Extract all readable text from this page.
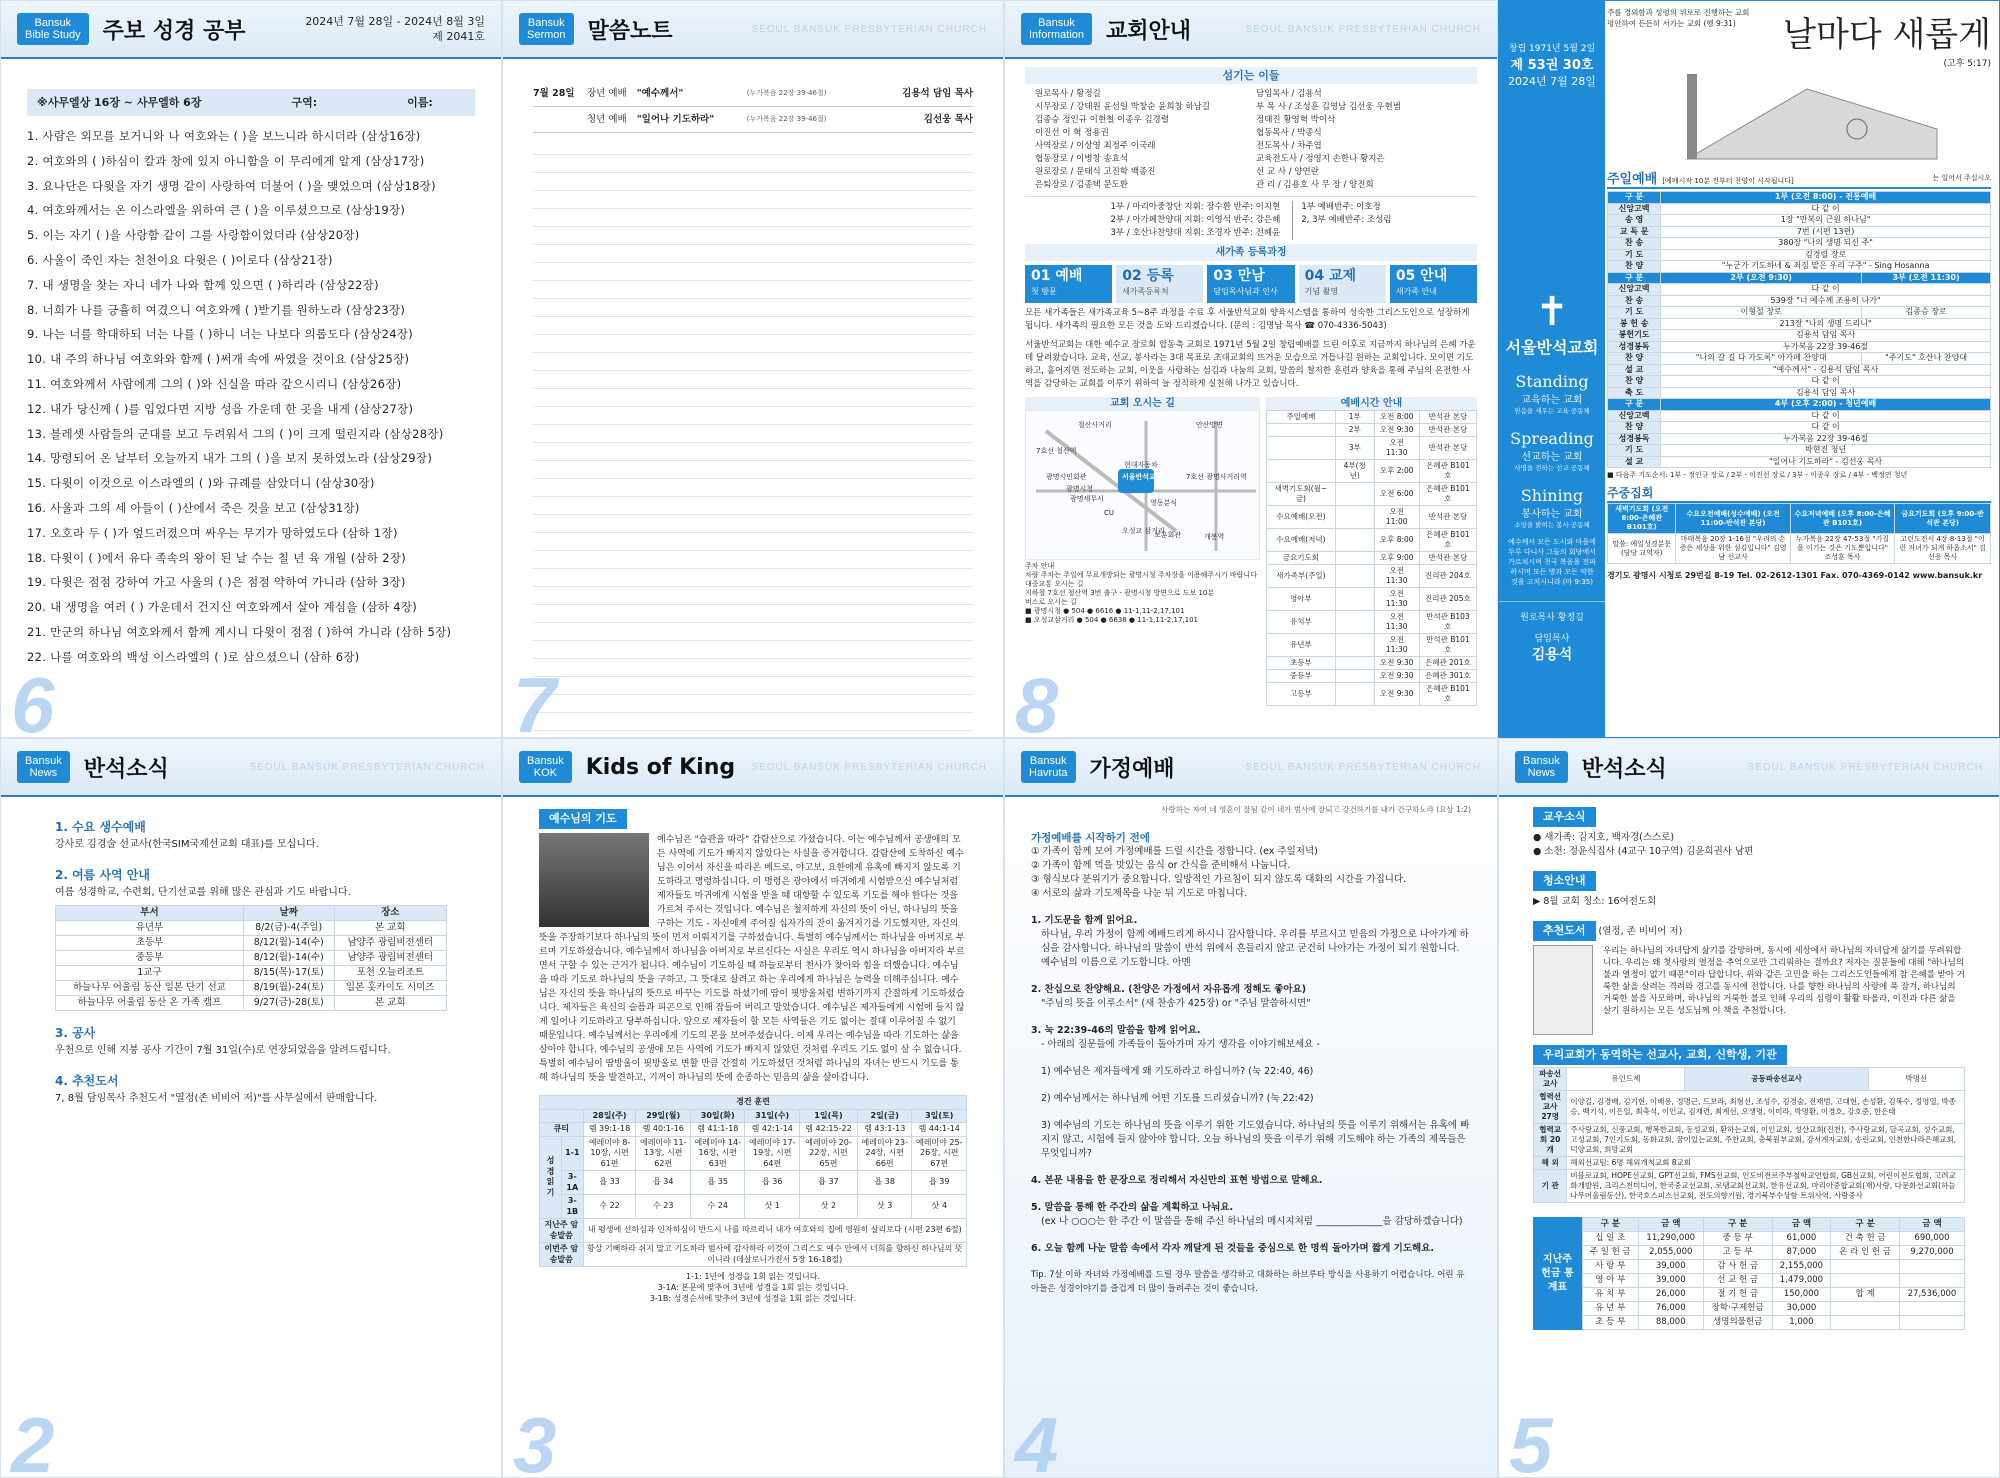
Bansuk
Bible Study 주보 성경 공부	2024년 7월 28일 - 2024년 8월 3일
제 2041호
※사무엘상 16장 ~ 사무엘하 6장	구역:	이름:
1. 사람은 외모를 보거니와 나 여호와는 ( )을 보느니라 하시더라 (삼상16장)
2. 여호와의 ( )하심이 칼과 창에 있지 아니함을 이 무리에게 알게 (삼상17장)
3. 요나단은 다윗을 자기 생명 같이 사랑하여 더불어 ( )을 맺었으며 (삼상18장)
4. 여호와께서는 온 이스라엘을 위하여 큰 ( )을 이루셨으므로 (삼상19장)
5. 이는 자기 ( )을 사랑함 같이 그를 사랑함이었더라 (삼상20장)
6. 사울이 죽인 자는 천천이요 다윗은 ( )이로다 (삼상21장)
7. 내 생명을 찾는 자니 네가 나와 함께 있으면 ( )하리라 (삼상22장)
8. 너희가 나를 긍휼히 여겼으니 여호와께 ( )받기를 원하노라 (삼상23장)
9. 나는 너를 학대하되 너는 나를 ( )하니 너는 나보다 의롭도다 (삼상24장)
10. 내 주의 하나님 여호와와 함께 ( )써개 속에 싸였을 것이요 (삼상25장)
11. 여호와께서 사람에게 그의 ( )와 신실을 따라 갚으시리니 (삼상26장)
12. 내가 당신께 ( )를 입었다면 지방 성읍 가운데 한 곳을 내게 (삼상27장)
13. 블레셋 사람들의 군대를 보고 두려워서 그의 ( )이 크게 떨린지라 (삼상28장)
14. 망령되어 온 날부터 오늘까지 내가 그의 ( )을 보지 못하였노라 (삼상29장)
15. 다윗이 이것으로 이스라엘의 ( )와 규례를 삼았더니 (삼상30장)
16. 사울과 그의 세 아들이 ( )산에서 죽은 것을 보고 (삼상31장)
17. 오호라 두 ( )가 엎드러졌으며 싸우는 무기가 망하였도다 (삼하 1장)
18. 다윗이 ( )에서 유다 족속의 왕이 된 날 수는 칠 년 육 개월 (삼하 2장)
19. 다윗은 점점 강하여 가고 사울의 ( )은 점점 약하여 가니라 (삼하 3장)
20. 내 생명을 여러 ( ) 가운데서 건지신 여호와께서 살아 계심을 (삼하 4장)
21. 만군의 하나님 여호와께서 함께 계시니 다윗이 점점 ( )하여 가니라 (삼하 5장)
22. 나를 여호와의 백성 이스라엘의 ( )로 삼으셨으니 (삼하 6장)
6
Bansuk
Sermon 말씀노트	SEOUL BANSUK PRESBYTERIAN CHURCH
7월 28일 장년 예배 "예수께서"	(누가복음 22장 39-46절)	김용석 담임 목사
청년 예배 "일어나 기도하라"	(누가복음 22장 39-46절)	김선웅 목사
7
Bansuk
Information 교회안내	SEOUL BANSUK PRESBYTERIAN CHURCH
섬기는 이들
원로목사 / 황정길
시무장로 / 강태원 윤선일 박창순 윤희창 하남길
김종승 정인규 이현철 이종우 김경렬
이진선 이 혁 정용권
사역장로 / 이상영 최정주 이국래
협동장로 / 이병창 송효석
원로장로 / 문태식 고진학 백종진
은퇴장로 / 김종택 문도환
담임목사 / 김용석
부 목 사 / 조성훈 김영남 김선웅 우현범
정태진 황영혁 박이삭
협동목사 / 박종식
전도목사 / 차주엽
교육전도사 / 정영지 손한나 황지은
선 교 사 / 양연란
관 리 / 김용호 사 무 장 / 양진희
1부 / 마리아중창단 지휘: 장수환 반주: 이지현
2부 / 아가페찬양대 지휘: 이영석 반주: 강은혜
3부 / 호산나찬양대 지휘: 조경자 반주: 전혜윤
1부 예배반주: 이호정
2, 3부 예배반주: 조성림
새가족 등록과정
01 예배
첫 방문
02 등록
새가족등록처
03 만남
담임목사님과 인사
04 교제
기념 촬영
05 안내
새가족 안내
모든 새가족들은 새가족교육 5~8주 과정을 수료 후 서울반석교회 양육시스템을 통하여 성숙한 그리스도인으로 성장하게 됩니다. 새가족의 필요한 모든 것을 도와 드리겠습니다. (문의 : 김명남 목사 ☎ 070-4336-5043)
서울반석교회는 대한 예수교 장로회 합동측 교회로 1971년 5월 2일 창립예배를 드린 이후로 지금까지 하나님의 은혜 가운데 달려왔습니다. 교육, 선교, 봉사라는 3대 목표로 초대교회의 뜨거운 모습으로 거듭나길 원하는 교회입니다. 모이면 기도하고, 흩어지면 전도하는 교회, 이웃을 사랑하는 섬김과 나눔의 교회, 말씀의 철저한 훈련과 양육을 통해 주님의 온전한 사역을 감당하는 교회를 이루기 위하여 늘 정직하게 실천해 나가고 있습니다.
교회 오시는 길
안산방면
철산사거리
7호선 철산역
광명시민회관
광명시청
광명세무서
현대자동차
서울반석교회	7호선 광명사거리역
CU
영동분식
오성교 삼거리
개봉역
보훈회관
주차 안내
차량 주차는 주일에 무료개방되는 광명시청 주차장을 이용해주시기 바랍니다
대중교통 오시는 길
지하철 7호선 철산역 3번 출구 - 광명시청 방면으로 도보 10분
버스로 오시는 길
■ 광명시청 ● 504 ● 6616 ● 11-1,11-2,17,101
■ 오성교삼거리 ● 504 ● 6638 ● 11-1,11-2,17,101
예배시간 안내
주일예배	1부	오전 8:00	반석관 본당
	2부	오전 9:30	반석관 본당
	3부	오전 11:30	반석관 본당
	4부(청년)	오후 2:00	은혜관 B101호
새벽기도회(월~금)		오전 6:00	은혜관 B101호
수요예배(오전)		오전 11:00	반석관 본당
수요예배(저녁)		오후 8:00	은혜관 B101호
금요기도회		오후 9:00	반석관 본당
새가족부(주일)		오전 11:30	진리관 204호
영아부		오전 11:30	진리관 205호
유치부		오전 11:30	반석관 B103호
유년부		오전 11:30	반석관 B101호
초등부		오전 9:30	은혜관 201호
중등부		오전 9:30	은혜관 301호
고등부		오전 9:30	은혜관 B101호
8
창립 1971년 5월 2일
제 53권 30호
2024년 7월 28일
✝
서울반석교회
Standing
교육하는 교회
믿음을 세우는 교육 공동체
Spreading
선교하는 교회
사명을 전하는 선교 공동체
Shining
봉사하는 교회
소망을 밝히는 봉사 공동체
예수께서 모든 도시와 마을에 두루 다니사 그들의 회당에서 가르치시며 천국 복음을 전파하시며 모든 병과 모든 약한 것을 고치시니라 (마 9:35)
원로목사 황정길
담임목사
김용석
주를 경외함과 성령의 위로로 진행하는 교회 평안하여 든든히 서가는 교회 (행 9:31)	날마다 새롭게
(고후 5:17)
주일예배 [예배시작 10분 전부터 찬양이 시작됩니다]	는 일어서 주십시오
구 분	1부 (오전 8:00) - 전통예배	
신앙고백	다 같 이	
송 영	1장 "만복의 근원 하나님"	
교 독 문	7번 (시편 13편)	
찬 송	380장 "나의 생명 되신 주"	
기 도	김경렬 장로	
찬 양	"누군가 기도하네 & 죄짐 맡은 우리 구주" - Sing Hosanna	
구 분	2부 (오전 9:30)	3부 (오전 11:30)
신앙고백	다 같 이	
찬 송	539장 "너 예수께 조용히 나가"	
기 도	이형철 장로	김종승 장로
봉 헌 송	213장 "나의 생명 드리니"	
봉헌기도	김용석 담임 목사	
성경봉독	누가복음 22장 39-46절	
찬 양	"나의 갈 길 다 가도록" 아가페 찬양대	"주기도" 호산나 찬양대
설 교	"예수께서" - 김용석 담임 목사	
찬 양	다 같 이	
축 도	김용석 담임 목사	
구 분	4부 (오후 2:00) - 청년예배	
신앙고백	다 같 이	
찬 양	다 같 이	
성경봉독	누가복음 22장 39-46절	
기 도	박현진 청년	
설 교	"일어나 기도하라" - 김선웅 목사	
■ 다음주 기도순서: 1부 - 정인규 장로 / 2부 - 이진선 장로 / 3부 - 이종우 장로 / 4부 - 백정연 청년
주중집회
새벽기도회 (오전 6:00-은혜관 B101호)	수요오전예배(성수예배) (오전 11:00-반석관 본당)	수요저녁예배 (오후 8:00-은혜관 B101호)	금요기도회 (오후 9:00-반석관 본당)
말씀: 예일성경분문 (담당 교역자)	마태복음 20장 1-16절 "우리의 손증은 세상을 위한 섬김입니다" 김영남 선교사	누가복음 22장 47-53절 "기질을 이기는 것은 기도뿐입니다" 조성훈 목사	고린도전서 4장 8-13절 "이런 자녀가 되게 하옵소서" 김선웅 목사
경기도 광명시 시청로 29번길 8-19 Tel. 02-2612-1301 Fax. 070-4369-0142 www.bansuk.kr
Bansuk
News 반석소식	SEOUL BANSUK PRESBYTERIAN CHURCH
1. 수요 생수예배
강사로 김경술 선교사(한국SIM국제선교회 대표)를 모십니다.
2. 여름 사역 안내
여름 성경학교, 수련회, 단기선교를 위해 많은 관심과 기도 바랍니다.
부서	날짜	장소
유년부	8/2(금)-4(주일)	본 교회
초등부	8/12(월)-14(수)	남양주 광림비전센터
중등부	8/12(월)-14(수)	남양주 광림비전센터
1교구	8/15(목)-17(토)	포천 오늘리조트
하늘나무 어울림 동산 일본 단기 선교	8/19(월)-24(토)	일본 홋카이도 시미즈
하늘나무 어울림 동산 온 가족 캠프	9/27(금)-28(토)	본 교회
3. 공사
우천으로 인해 지붕 공사 기간이 7월 31일(수)로 연장되었음을 알려드립니다.
4. 추천도서
7, 8월 담임목사 추천도서 "열정(존 비비어 저)"를 사무실에서 판매합니다.
2
Bansuk
KOK	Kids of King SEOUL BANSUK PRESBYTERIAN CHURCH
예수님의 기도
예수님은 "습관을 따라" 감람산으로 가셨습니다. 이는 예수님께서 공생애의 모든 사역에 기도가 빠지지 않았다는 사실을 증거합니다. 감람산에 도착하신 예수님은 이어서 자신을 따라온 베드로, 야고보, 요한에게 유혹에 빠지지 않도록 기도하라고 명령하십니다. 이 명령은 광야에서 마귀에게 시험받으신 예수님처럼 제자들도 마귀에게 시험을 받을 때 대항할 수 있도록 기도를 해야 한다는 것을 가르쳐 주시는 것입니다. 예수님은 철저하게 자신의 뜻이 아닌, 하나님의 뜻을 구하는 기도 - 자신에게 주어질 십자가의 잔이 옮겨지기를 기도했지만, 자신의 뜻을 주장하기보다 하나님의 뜻이 먼저 이뤄지기를 구하셨습니다. 특별히 예수님께서는 하나님을 아버지로 부르며 기도하셨습니다. 예수님께서 하나님을 아버지로 부르신다는 사실은 우리도 역시 하나님을 아버지라 부르면서 구할 수 있는 근거가 됩니다. 예수님이 기도하실 때 하늘로부터 천사가 찾아와 힘을 더했습니다. 예수님을 따라 기도로 하나님의 뜻을 구하고, 그 뜻대로 살려고 하는 우리에게 하나님은 능력을 더해주십니다. 예수님은 자신의 뜻을 하나님의 뜻으로 바꾸는 기도를 하셨기에 땀이 핏방울처럼 변하기까지 간절하게 기도하셨습니다. 제자들은 육신의 슬픔과 피곤으로 인해 잠들어 버리고 말았습니다. 예수님은 제자들에게 시험에 들지 않게 일어나 기도하라고 당부하십니다. 앞으로 제자들이 할 모든 사역들은 기도 없이는 절대 이루어질 수 없기 때문입니다. 예수님께서는 우리에게 기도의 본을 보여주셨습니다. 이제 우리는 예수님을 따라 기도하는 삶을 살아야 합니다. 예수님의 공생애 모든 사역에 기도가 빠지지 않았던 것처럼 우리도 기도 없이 살 수 없습니다. 특별히 예수님이 땀방울이 핏방울로 변할 만큼 간절히 기도하셨던 것처럼 하나님의 자녀는 반드시 기도를 통해 하나님의 뜻을 발견하고, 기꺼이 하나님의 뜻에 순종하는 믿음의 삶을 살아갑니다.
경건 훈련								
		28일(주)	29일(월)	30일(화)	31일(수)	1일(목)	2일(금)	3일(토)
큐티		렘 39:1-18	렘 40:1-16	렘 41:1-18	렘 42:1-14	렘 42:15-22	렘 43:1-13	렘 44:1-14
성경읽기	1-1	예레미야 8-10장, 시편 61편	예레미야 11-13장, 시편 62편	예레미야 14-16장, 시편 63편	예레미야 17-19장, 시편 64편	예레미야 20-22장, 시편 65편	예레미야 23-24장, 시편 66편	예레미야 25-26장, 시편 67편
	3-1A	욥 33	욥 34	욥 35	욥 36	욥 37	욥 38	욥 39
	3-1B	수 22	수 23	수 24	삿 1	삿 2	삿 3	삿 4
지난주 암송말씀		내 평생에 선하심과 인자하심이 반드시 나를 따르리니 내가 여호와의 집에 영원히 살리로다 (시편 23편 6절)						
이번주 암송말씀		항상 기뻐하라 쉬지 말고 기도하라 범사에 감사하라 이것이 그리스도 예수 안에서 너희를 향하신 하나님의 뜻이니라 (데살로니가전서 5장 16-18절)						
1-1: 1년에 성경을 1회 읽는 것입니다.
3-1A: 본문에 맞추어 3년에 성경을 1회 읽는 것입니다.
3-1B: 성경순서에 맞추어 3년에 성경을 1회 읽는 것입니다.
3
Bansuk
Havruta 가정예배	SEOUL BANSUK PRESBYTERIAN CHURCH
사랑하는 자여 네 영혼이 잘됨 같이 네가 범사에 잘되고 강건하기를 내가 간구하노라 (요삼 1:2)
가정예배를 시작하기 전에
① 가족이 함께 모여 가정예배를 드릴 시간을 정합니다. (ex 주일저녁)
② 가족이 함께 먹을 맛있는 음식 or 간식을 준비해서 나눕니다.
③ 형식보다 분위기가 중요합니다. 일방적인 가르침이 되지 않도록 대화의 시간을 가집니다.
④ 서로의 삶과 기도제목을 나눈 뒤 기도로 마칩니다.
1. 기도문을 함께 읽어요.
하나님, 우리 가정이 함께 예배드리게 하시니 감사합니다. 우리를 부르시고 믿음의 가정으로 나아가게 하심을 감사합니다. 하나님의 말씀이 반석 위에서 흔들리지 않고 굳건히 나아가는 가정이 되기 원합니다. 예수님의 이름으로 기도합니다. 아멘
2. 찬십으로 찬양해요. (찬양은 가정에서 자유롭게 정해도 좋아요)
"주님의 뜻을 이루소서" (새 찬송가 425장) or "주님 말씀하시면"
3. 눅 22:39-46의 말씀을 함께 읽어요.
- 아래의 질문들에 가족들이 돌아가며 자기 생각을 이야기해보세요 -
1) 예수님은 제자들에게 왜 기도하라고 하십니까? (눅 22:40, 46)
2) 예수님께서는 하나님께 어떤 기도를 드리셨습니까? (눅 22:42)
3) 예수님의 기도는 하나님의 뜻을 이루기 위한 기도였습니다. 하나님의 뜻을 이루기 위해서는 유혹에 빠지지 않고, 시험에 들지 않아야 합니다. 오늘 하나님의 뜻을 이루기 위해 기도해야 하는 가족의 제목들은 무엇입니까?
4. 본문 내용을 한 문장으로 정리해서 자신만의 표현 방법으로 말해요.
5. 말씀을 통해 한 주간의 삶을 계획하고 나눠요.
(ex 나 ○○○는 한 주간 이 말씀을 통해 주신 하나님의 메시지처럼 ______________을 감당하겠습니다)
6. 오늘 함께 나눈 말씀 속에서 각자 깨달게 된 것들을 중심으로 한 명씩 돌아가며 짧게 기도해요.
Tip. 7살 이하 자녀와 가정예배를 드릴 경우 말씀을 생각하고 대화하는 하브루타 방식을 사용하기 어렵습니다. 어린 유아들은 성경이야기를 즐겁게 더 많이 들려주는 것이 좋습니다.
4
Bansuk
News 반석소식	SEOUL BANSUK PRESBYTERIAN CHURCH
교우소식
● 새가족: 김지호, 백자경(스스로)
● 소천: 정윤식집사 (4교구 10구역) 김윤희권사 남편
청소안내
▶ 8월 교회 청소: 16여전도회
추천도서 (열정, 존 비비어 저)
우리는 하나님의 자녀답게 삶기를 갈망하며, 동시에 세상에서 하나님의 자녀답게 삶기를 두려워합니다. 우리는 왜 첫사랑의 열정을 추억으로만 그리워하는 걸까요? 저자는 질문들에 대해 "하나님의 불과 열정이 없기 때문"이라 답합니다. 위와 같은 고민을 하는 그리스도인들에게 참 은혜를 받아 거룩한 삶을 살려는 격려와 경고를 동시에 전합니다. 나를 향한 하나님의 사랑에 푹 잠겨, 하나님의 거룩한 불을 사모하며, 하나님의 거룩한 불로 인해 우리의 심령이 활활 타올라, 이전과 다른 삶을 살기 원하시는 모든 성도님께 이 책을 추천합니다.
우리교회가 동역하는 선교사, 교회, 신학생, 기관
파송선교사	유인드제	공동파송선교사	박명선
협력선교사 27명	이양길, 김경배, 김기현, 이배용, 정명근, 드보라, 최형선, 조성수, 김경술, 전재범, 고대현, 손성환, 김복수, 정영열, 박종승, 백기석, 이은일, 최축석, 이인교, 김재련, 최계선, 오생명, 이미라, 박명환, 이경호, 강호준, 한은태		
협력교회 20개	주사랑교회, 신풍교회, 행복한교회, 동성교회, 환하는교회, 이인교회, 성산교회(진천), 주사랑교회, 달곡교회, 성수교회, 고성교회, 7인기도회, 동화교회, 꿈이있는교회, 주찬교회, 충북원부교회, 강서계자교회, 송린교회, 인천한나라은혜교회, 덕양교회, 희망교회		
해 외	해외선교팀: 6명 해외개척교회 8교회		
기 관	비블로교회, HOPE선교회, GPT선교회, FMS선교회, 인도비전르주부철학교연합회, GB선교회, 어린이전도협회, 고려교화개발원, 크리스천미디어, 한국중교선교회, 로뎀교회선교회, 한유선교회, 마리아중합교회(재)사랑, 다문화선교회(하늘나무어울림동산), 한국호스피스선교회, 전도의향기원, 경기북부수상함 트위사역, 사랑중사		
지난주 헌금 통계표
구 분	금 액	구 분	금 액	구 분	금 액
십 일 조	11,290,000	중 등 부	61,000	건 축 헌 금	690,000
주 일 헌 금	2,055,000	고 등 부	87,000	온 라 인 헌 금	9,270,000
사 랑 부	39,000	감 사 헌 금	2,155,000		
영 아 부	39,000	선 교 헌 금	1,479,000		
유 치 부	26,000	절 기 헌 금	150,000	합 계	27,536,000
유 년 부	76,000	장학·구제헌금	30,000		
초 등 부	88,000	생명의물헌금	1,000		
5
